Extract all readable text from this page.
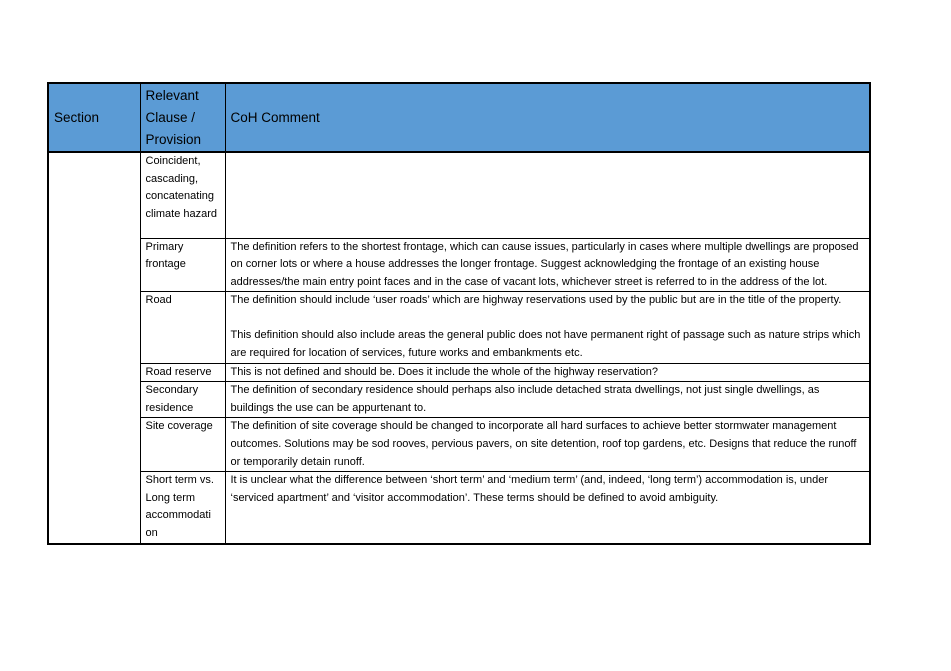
Section	Relevant Clause / Provision	CoH Comment
	Coincident, cascading, concatenating climate hazard	

	Primary frontage	The definition refers to the shortest frontage, which can cause issues, particularly in cases where multiple dwellings are proposed on corner lots or where a house addresses the longer frontage. Suggest acknowledging the frontage of an existing house addresses/the main entry point faces and in the case of vacant lots, whichever street is referred to in the address of the lot.

	Road	The definition should include ‘user roads’ which are highway reservations used by the public but are in the title of the property.

This definition should also include areas the general public does not have permanent right of passage such as nature strips which are required for location of services, future works and embankments etc.

	Road reserve	This is not defined and should be. Does it include the whole of the highway reservation?

	Secondary residence	The definition of secondary residence should perhaps also include detached strata dwellings, not just single dwellings, as buildings the use can be appurtenant to.

	Site coverage	The definition of site coverage should be changed to incorporate all hard surfaces to achieve better stormwater management outcomes. Solutions may be sod rooves, pervious pavers, on site detention, roof top gardens, etc. Designs that reduce the runoff or temporarily detain runoff.

	Short term vs. Long term accommodati on	It is unclear what the difference between ‘short term’ and ‘medium term’ (and, indeed, ‘long term’) accommodation is, under ‘serviced apartment’ and ‘visitor accommodation’. These terms should be defined to avoid ambiguity.
